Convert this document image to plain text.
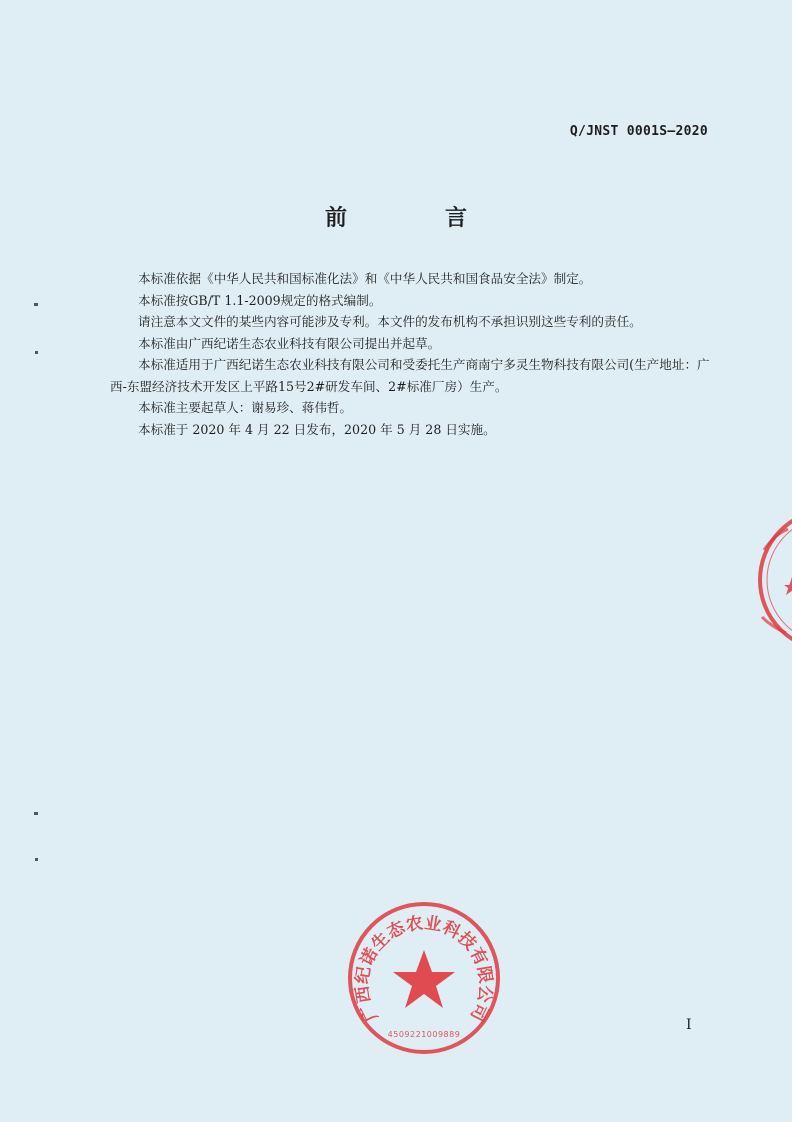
Q/JNST 0001S—2020
前　言
本标准依据《中华人民共和国标准化法》和《中华人民共和国食品安全法》制定。
本标准按GB/T 1.1-2009规定的格式编制。
请注意本文文件的某些内容可能涉及专利。本文件的发布机构不承担识别这些专利的责任。
本标准由广西纪诺生态农业科技有限公司提出并起草。
本标准适用于广西纪诺生态农业科技有限公司和受委托生产商南宁多灵生物科技有限公司(生产地址：广西-东盟经济技术开发区上平路15号2#研发车间、2#标准厂房）生产。
本标准主要起草人：谢易珍、蒋伟哲。
本标准于 2020 年 4 月 22 日发布，2020 年 5 月 28 日实施。
I
广西纪诺生态农业科技有限公司
4509221009889
